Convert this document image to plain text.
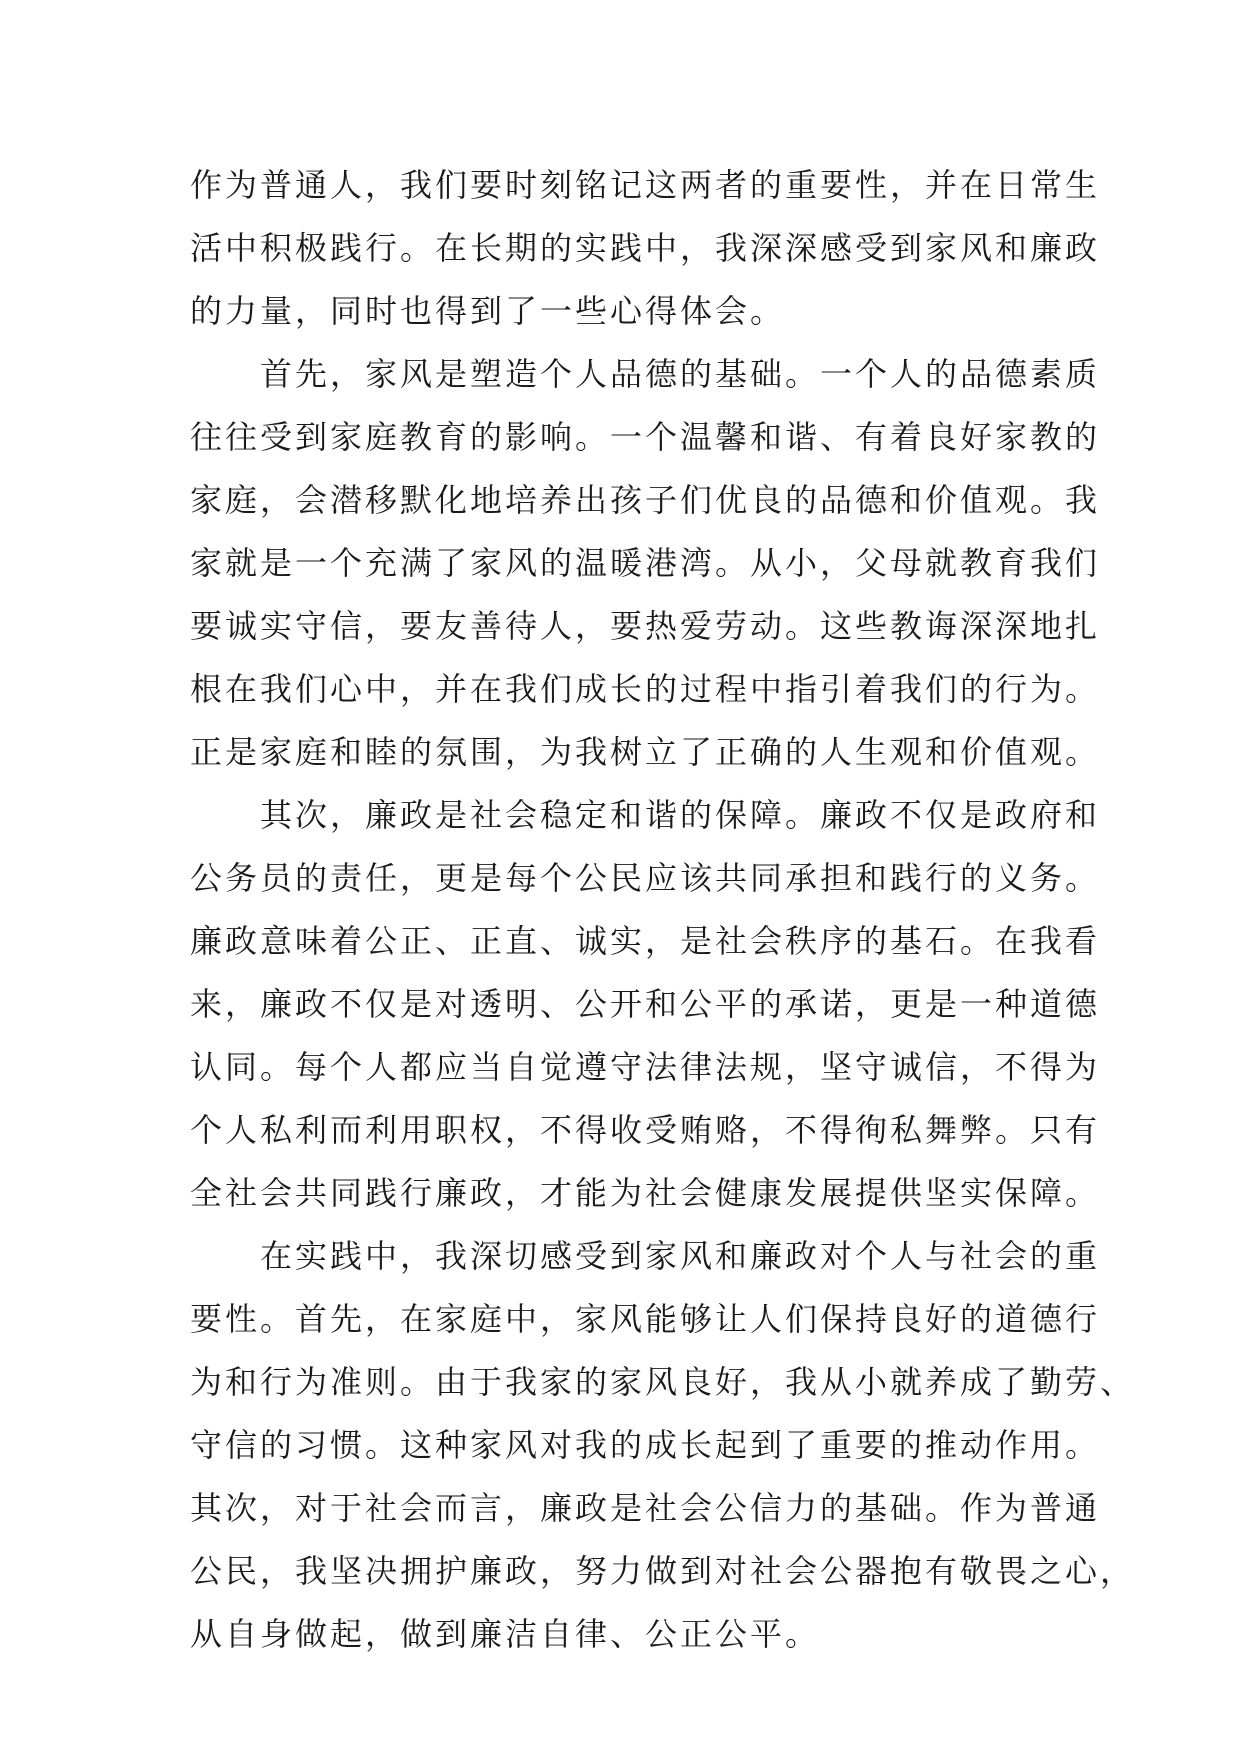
作为普通人，我们要时刻铭记这两者的重要性，并在日常生
活中积极践行。在长期的实践中，我深深感受到家风和廉政
的力量，同时也得到了一些心得体会。
　　首先，家风是塑造个人品德的基础。一个人的品德素质
往往受到家庭教育的影响。一个温馨和谐、有着良好家教的
家庭，会潜移默化地培养出孩子们优良的品德和价值观。我
家就是一个充满了家风的温暖港湾。从小，父母就教育我们
要诚实守信，要友善待人，要热爱劳动。这些教诲深深地扎
根在我们心中，并在我们成长的过程中指引着我们的行为。
正是家庭和睦的氛围，为我树立了正确的人生观和价值观。
　　其次，廉政是社会稳定和谐的保障。廉政不仅是政府和
公务员的责任，更是每个公民应该共同承担和践行的义务。
廉政意味着公正、正直、诚实，是社会秩序的基石。在我看
来，廉政不仅是对透明、公开和公平的承诺，更是一种道德
认同。每个人都应当自觉遵守法律法规，坚守诚信，不得为
个人私利而利用职权，不得收受贿赂，不得徇私舞弊。只有
全社会共同践行廉政，才能为社会健康发展提供坚实保障。
　　在实践中，我深切感受到家风和廉政对个人与社会的重
要性。首先，在家庭中，家风能够让人们保持良好的道德行
为和行为准则。由于我家的家风良好，我从小就养成了勤劳、
守信的习惯。这种家风对我的成长起到了重要的推动作用。
其次，对于社会而言，廉政是社会公信力的基础。作为普通
公民，我坚决拥护廉政，努力做到对社会公器抱有敬畏之心，
从自身做起，做到廉洁自律、公正公平。
